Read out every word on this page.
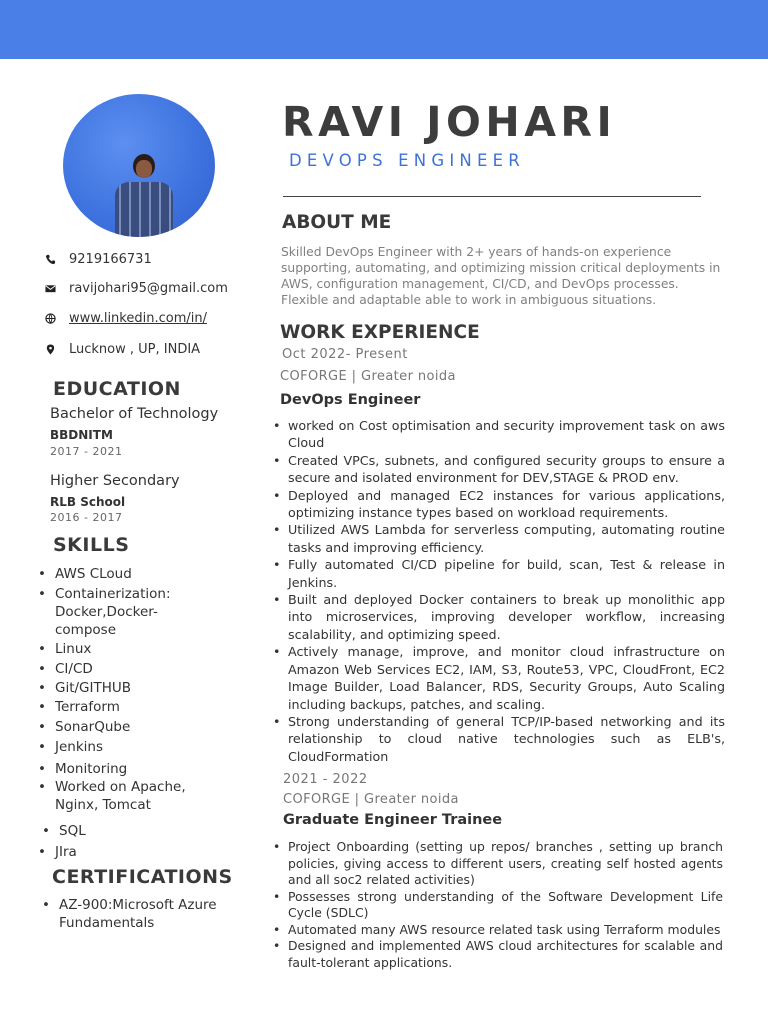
9219166731
ravijohari95@gmail.com
www.linkedin.com/in/
Lucknow , UP, INDIA
EDUCATION
Bachelor of Technology
BBDNITM
2017 - 2021
Higher Secondary
RLB School
2016 - 2017
SKILLS
• AWS CLoud
• Containerization: Docker,Docker-compose
• Linux
• CI/CD
• Git/GITHUB
• Terraform
• SonarQube
• Jenkins
• Monitoring
• Worked on Apache, Nginx, Tomcat
• SQL
• JIra
CERTIFICATIONS
• AZ-900:Microsoft Azure Fundamentals
RAVI JOHARI
DEVOPS ENGINEER
ABOUT ME
Skilled DevOps Engineer with 2+ years of hands-on experience supporting, automating, and optimizing mission critical deployments in AWS, configuration management, CI/CD, and DevOps processes. Flexible and adaptable able to work in ambiguous situations.
WORK EXPERIENCE
Oct 2022- Present
COFORGE | Greater noida
DevOps Engineer
• worked on Cost optimisation and security improvement task on aws Cloud
• Created VPCs, subnets, and configured security groups to ensure a secure and isolated environment for DEV,STAGE & PROD env.
• Deployed and managed EC2 instances for various applications, optimizing instance types based on workload requirements.
• Utilized AWS Lambda for serverless computing, automating routine tasks and improving efficiency.
• Fully automated CI/CD pipeline for build, scan, Test & release in Jenkins.
• Built and deployed Docker containers to break up monolithic app into microservices, improving developer workflow, increasing scalability, and optimizing speed.
• Actively manage, improve, and monitor cloud infrastructure on Amazon Web Services EC2, IAM, S3, Route53, VPC, CloudFront, EC2 Image Builder, Load Balancer, RDS, Security Groups, Auto Scaling including backups, patches, and scaling.
• Strong understanding of general TCP/IP-based networking and its relationship to cloud native technologies such as ELB's, CloudFormation
2021 - 2022
COFORGE | Greater noida
Graduate Engineer Trainee
• Project Onboarding (setting up repos/ branches , setting up branch policies, giving access to different users, creating self hosted agents and all soc2 related activities)
• Possesses strong understanding of the Software Development Life Cycle (SDLC)
• Automated many AWS resource related task using Terraform modules
• Designed and implemented AWS cloud architectures for scalable and fault-tolerant applications.
